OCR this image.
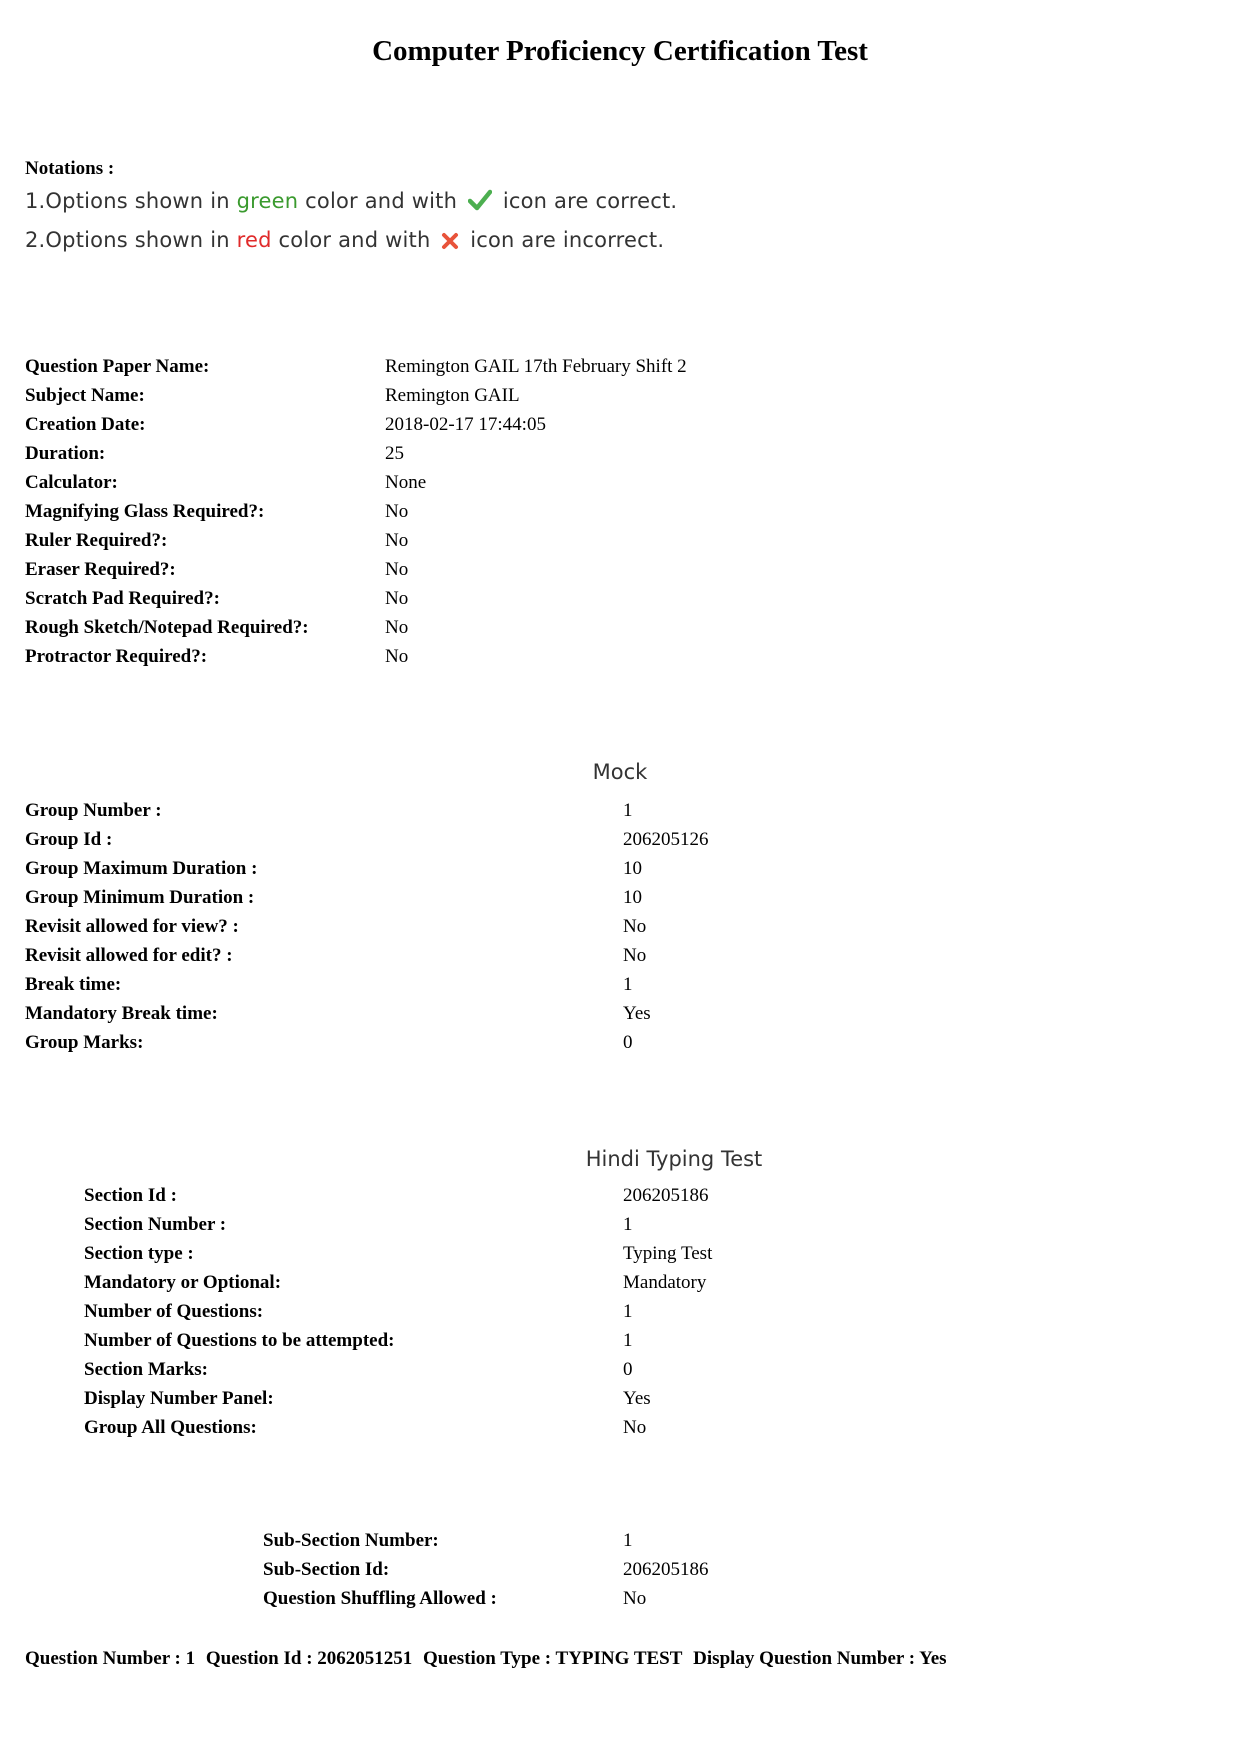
Computer Proficiency Certification Test
Notations :
1.Options shown in green color and with  icon are correct.
2.Options shown in red color and with  icon are incorrect.
Question Paper Name:	Remington GAIL 17th February Shift 2
Subject Name:	Remington GAIL
Creation Date:	2018-02-17 17:44:05
Duration:	25
Calculator:	None
Magnifying Glass Required?:	No
Ruler Required?:	No
Eraser Required?:	No
Scratch Pad Required?:	No
Rough Sketch/Notepad Required?:	No
Protractor Required?:	No
Mock
Group Number :	1
Group Id :	206205126
Group Maximum Duration :	10
Group Minimum Duration :	10
Revisit allowed for view? :	No
Revisit allowed for edit? :	No
Break time:	1
Mandatory Break time:	Yes
Group Marks:	0
Hindi Typing Test
Section Id :	206205186
Section Number :	1
Section type :	Typing Test
Mandatory or Optional:	Mandatory
Number of Questions:	1
Number of Questions to be attempted:	1
Section Marks:	0
Display Number Panel:	Yes
Group All Questions:	No
Sub-Section Number:	1
Sub-Section Id:	206205186
Question Shuffling Allowed :	No
Question Number : 1 Question Id : 2062051251 Question Type : TYPING TEST Display Question Number : Yes
